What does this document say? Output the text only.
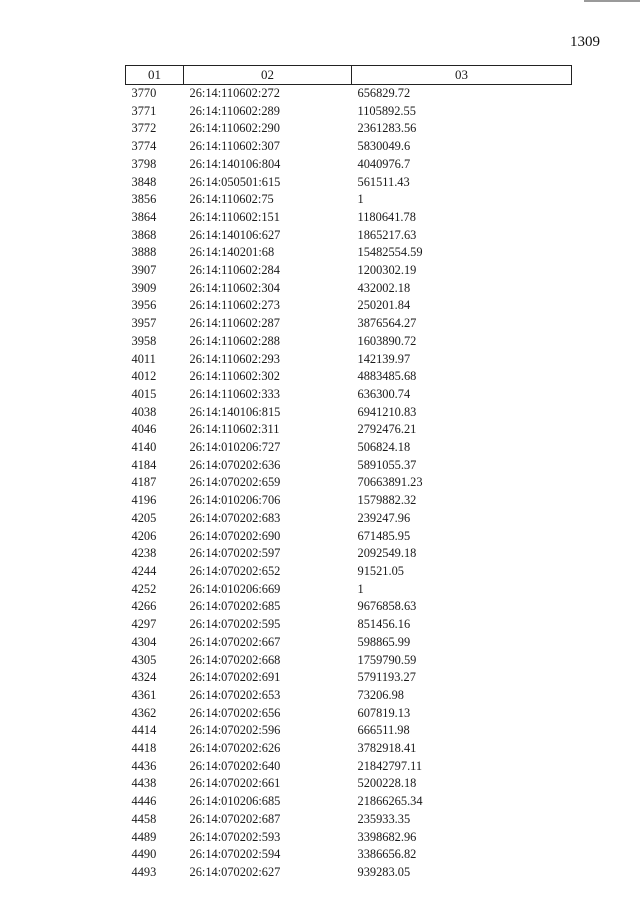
1309
01	02	03
3770	26:14:110602:272	656829.72
3771	26:14:110602:289	1105892.55
3772	26:14:110602:290	2361283.56
3774	26:14:110602:307	5830049.6
3798	26:14:140106:804	4040976.7
3848	26:14:050501:615	561511.43
3856	26:14:110602:75	1
3864	26:14:110602:151	1180641.78
3868	26:14:140106:627	1865217.63
3888	26:14:140201:68	15482554.59
3907	26:14:110602:284	1200302.19
3909	26:14:110602:304	432002.18
3956	26:14:110602:273	250201.84
3957	26:14:110602:287	3876564.27
3958	26:14:110602:288	1603890.72
4011	26:14:110602:293	142139.97
4012	26:14:110602:302	4883485.68
4015	26:14:110602:333	636300.74
4038	26:14:140106:815	6941210.83
4046	26:14:110602:311	2792476.21
4140	26:14:010206:727	506824.18
4184	26:14:070202:636	5891055.37
4187	26:14:070202:659	70663891.23
4196	26:14:010206:706	1579882.32
4205	26:14:070202:683	239247.96
4206	26:14:070202:690	671485.95
4238	26:14:070202:597	2092549.18
4244	26:14:070202:652	91521.05
4252	26:14:010206:669	1
4266	26:14:070202:685	9676858.63
4297	26:14:070202:595	851456.16
4304	26:14:070202:667	598865.99
4305	26:14:070202:668	1759790.59
4324	26:14:070202:691	5791193.27
4361	26:14:070202:653	73206.98
4362	26:14:070202:656	607819.13
4414	26:14:070202:596	666511.98
4418	26:14:070202:626	3782918.41
4436	26:14:070202:640	21842797.11
4438	26:14:070202:661	5200228.18
4446	26:14:010206:685	21866265.34
4458	26:14:070202:687	235933.35
4489	26:14:070202:593	3398682.96
4490	26:14:070202:594	3386656.82
4493	26:14:070202:627	939283.05
